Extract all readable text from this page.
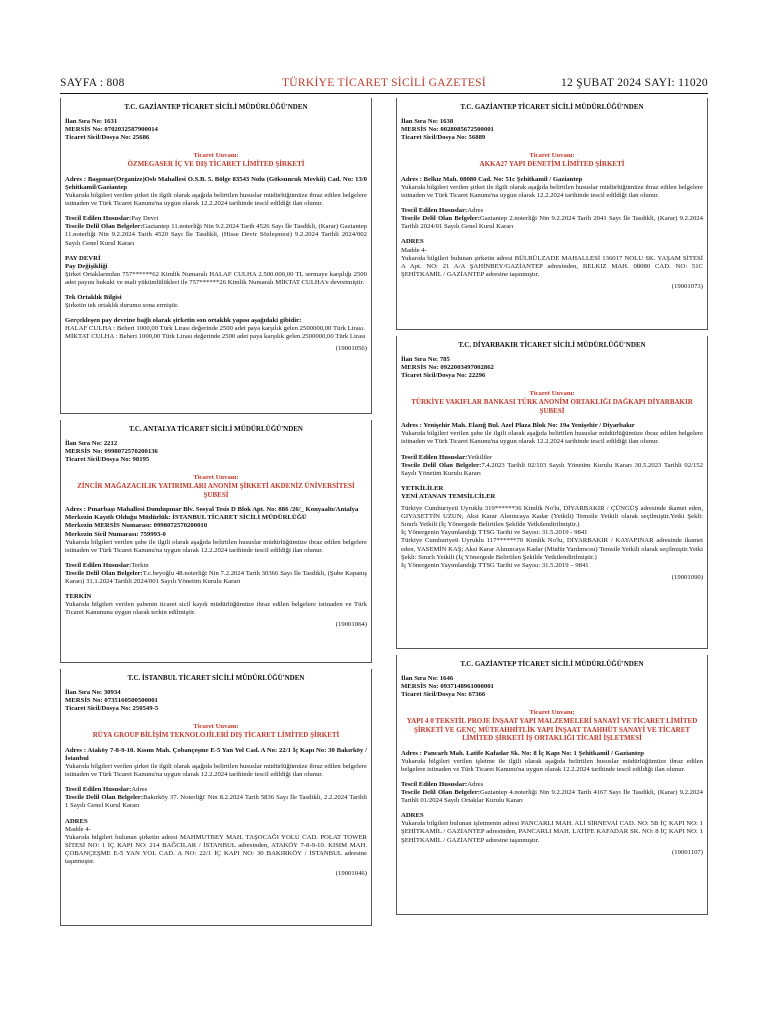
SAYFA : 808	TÜRKİYE TİCARET SİCİLİ GAZETESİ	12 ŞUBAT 2024 SAYI: 11020
T.C. GAZİANTEP TİCARET SİCİLİ MÜDÜRLÜĞÜ'NDEN
İlan Sıra No: 1631
MERSİS No: 0702032587900014
Ticaret Sicil/Dosya No: 25686
Ticaret Unvanı:
ÖZMEGASER İÇ VE DIŞ TİCARET LİMİTED ŞİRKETİ
Adres : Başpınar(Organize)Osb Mahallesi O.S.B. 5. Bölge 83543 Nolu (Göksuncuk Mevkii) Cad. No: 13/0 Şehitkamil/Gaziantep
Yukarıda bilgileri verilen şirket ile ilgili olarak aşağıda belirtilen hususlar müdürlüğümüze ibraz edilen belgelere istinaden ve Türk Ticaret Kanunu'na uygun olarak 12.2.2024 tarihinde tescil edildiği ilan olunur.
Tescil Edilen Hususlar:Pay Devri
Tescile Delil Olan Belgeler:Gaziantep 11.noterliği Nin 9.2.2024 Tarih 4526 Sayı İle Tasdikli, (Karar) Gaziantep 11.noterliği Nin 9.2.2024 Tarih 4520 Sayı İle Tasdikli, (Hisse Devir Sözleşmesi) 9.2.2024 Tarihli 2024/002 Sayılı Genel Kurul Kararı
PAY DEVRİ
Pay Değişikliği
Şirket Ortaklarından 757******62 Kimlik Numaralı HALAF CULHA 2.500.000,00 TL sermaye karşılığı 2500 adet payını hukuki ve mali yükümlülükleri ile 757******26 Kimlik Numaralı MİKTAT CULHA'e devretmiştir.
Tek Ortaklık Bilgisi
Şirketin tek ortaklık durumu sona ermiştir.
Gerçekleşen pay devrine bağlı olarak şirketin son ortaklık yapısı aşağıdaki gibidir:
HALAF CULHA : Beheri 1000,00 Türk Lirası değerinde 2500 adet paya karşılık gelen 2500000,00 Türk Lirası.
MİKTAT CULHA : Beheri 1000,00 Türk Lirası değerinde 2500 adet paya karşılık gelen 2500000,00 Türk Lirası
(19001056)
T.C. ANTALYA TİCARET SİCİLİ MÜDÜRLÜĞÜ'NDEN
İlan Sıra No: 2212
MERSİS No: 0998072570200136
Ticaret Sicil/Dosya No: 98195
Ticaret Unvanı:
ZİNCİR MAĞAZACILIK YATIRIMLARI ANONİM ŞİRKETİ AKDENİZ ÜNİVERSİTESİ ŞUBESİ
Adres : Pınarbaşı Mahallesi Dumlupınar Blv. Sosyal Tesis D Blok Apt. No: 886 /26/_ Konyaaltı/Antalya
Merkezin Kayıtlı Olduğu Müdürlük: İSTANBUL TİCARET SİCİLİ MÜDÜRLÜĞÜ
Merkezin MERSİS Numarası: 0998072570200010
Merkezin Sicil Numarası: 759993-0
Yukarıda bilgileri verilen şube ile ilgili olarak aşağıda belirtilen hususlar müdürlüğümüze ibraz edilen belgelere istinaden ve Türk Ticaret Kanunu'na uygun olarak 12.2.2024 tarihinde tescil edildiği ilan olunur.
Tescil Edilen Hususlar:Terkin
Tescile Delil Olan Belgeler:T.c.beyoğlu 48.noterliği Nin 7.2.2024 Tarih 30366 Sayı İle Tasdikli, (Şube Kapanış Kararı) 31.1.2024 Tarihli 2024/001 Sayılı Yönetim Kurulu Kararı
TERKİN
Yukarıda bilgileri verilen şubenin ticaret sicil kaydı müdürlüğümüze ibraz edilen belgelere istinaden ve Türk Ticaret Kanununa uygun olarak terkin edilmiştir.
(19001064)
T.C. İSTANBUL TİCARET SİCİLİ MÜDÜRLÜĞÜ'NDEN
İlan Sıra No: 30934
MERSİS No: 0735160500500001
Ticaret Sicil/Dosya No: 250549-5
Ticaret Unvanı:
RÜYA GROUP BİLİŞİM TEKNOLOJİLERİ DIŞ TİCARET LİMİTED ŞİRKETİ
Adres : Ataköy 7-8-9-10. Kısım Mah. Çobançeşme E-5 Yan Yol Cad. A No: 22/1 İç Kapı No: 30 Bakırköy / İstanbul
Yukarıda bilgileri verilen şirket ile ilgili olarak aşağıda belirtilen hususlar müdürlüğümüze ibraz edilen belgelere istinaden ve Türk Ticaret Kanunu'na uygun olarak 12.2.2024 tarihinde tescil edildiği ilan olunur.
Tescil Edilen Hususlar:Adres
Tescile Delil Olan Belgeler:Bakırköy 37. Noterliği' Nin 8.2.2024 Tarih 5836 Sayı İle Tasdikli, 2.2.2024 Tarihli 1 Sayılı Genel Kurul Kararı
ADRES
Madde 4-
Yukarıda bilgileri bulunan şirketin adresi MAHMUTBEY MAH. TAŞOCAĞI YOLU CAD. POLAT TOWER SİTESİ NO: 1 İÇ KAPI NO: 214 BAĞCILAR / İSTANBUL adresinden, ATAKÖY 7-8-9-10. KISIM MAH. ÇOBANÇEŞME E-5 YAN YOL CAD. A NO: 22/1 İÇ KAPI NO: 30 BAKIRKÖY / İSTANBUL adresine taşınmıştır.
(19001046)
T.C. GAZİANTEP TİCARET SİCİLİ MÜDÜRLÜĞÜ'NDEN
İlan Sıra No: 1638
MERSİS No: 0028085672500001
Ticaret Sicil/Dosya No: 56889
Ticaret Unvanı:
AKKA27 YAPI DENETİM LİMİTED ŞİRKETİ
Adres : Belkız Mah. 08080 Cad. No: 51c Şehitkamil / Gaziantep
Yukarıda bilgileri verilen şirket ile ilgili olarak aşağıda belirtilen hususlar müdürlüğümüze ibraz edilen belgelere istinaden ve Türk Ticaret Kanunu'na uygun olarak 12.2.2024 tarihinde tescil edildiği ilan olunur.
Tescil Edilen Hususlar:Adres
Tescile Delil Olan Belgeler:Gaziantep 2.noterliği Nin 9.2.2024 Tarih 2041 Sayı İle Tasdikli, (Karar) 9.2.2024 Tarihli 2024/01 Sayılı Genel Kurul Kararı
ADRES
Madde 4-
Yukarıda bilgileri bulunan şirketin adresi BÜLBÜLZADE MAHALLESİ 136017 NOLU SK. YAŞAM SİTESİ A Apt. NO: 21 A/A ŞAHİNBEY/GAZİANTEP adresinden, BELKIZ MAH. 08080 CAD. NO: 51C ŞEHİTKAMİL / GAZİANTEP adresine taşınmıştır.
(19001073)
T.C. DİYARBAKIR TİCARET SİCİLİ MÜDÜRLÜĞÜ'NDEN
İlan Sıra No: 785
MERSİS No: 0922003497002862
Ticaret Sicil/Dosya No: 22296
Ticaret Unvanı:
TÜRKİYE VAKIFLAR BANKASI TÜRK ANONİM ORTAKLIĞI DAĞKAPI DİYARBAKIR ŞUBESİ
Adres : Yenişehir Mah. Elazığ Bul. Azel Plaza Blok No: 19a Yenişehir / Diyarbakır
Yukarıda bilgileri verilen şube ile ilgili olarak aşağıda belirtilen hususlar müdürlüğümüze ibraz edilen belgelere istinaden ve Türk Ticaret Kanunu'na uygun olarak 12.2.2024 tarihinde tescil edildiği ilan olunur.
Tescil Edilen Hususlar:Yetkililer
Tescile Delil Olan Belgeler:7.4.2023 Tarihli 02/103 Sayılı Yönetim Kurulu Kararı 30.5.2023 Tarihli 02/152 Sayılı Yönetim Kurulu Kararı
YETKİLİLER
YENİ ATANAN TEMSİLCİLER
Türkiye Cumhuriyeti Uyruklu 319******36 Kimlik No'lu, DİYARBAKIR / ÇÜNGÜŞ adresinde ikamet eden, GIYASETTİN UZUN; Aksi Karar Alınıncaya Kadar (Yetkili) Temsile Yetkili olarak seçilmiştir.Yetki Şekli: Sınırlı Yetkili (İç Yönergede Belirtilen Şekilde Yetkilendirilmiştir.)
İç Yönergenin Yayımlandığı TTSG Tarihi ve Sayısı: 31.5.2019 - 9841
Türkiye Cumhuriyeti Uyruklu 117******70 Kimlik No'lu, DİYARBAKIR / KAYAPINAR adresinde ikamet eden, YASEMİN KAŞ; Aksi Karar Alınıncaya Kadar (Müdür Yardımcısı) Temsile Yetkili olarak seçilmiştir.Yetki Şekli: Sınırlı Yetkili (İç Yönergede Belirtilen Şekilde Yetkilendirilmiştir.)
İç Yönergenin Yayımlandığı TTSG Tarihi ve Sayısı: 31.5.2019 – 9841
(19001090)
T.C. GAZİANTEP TİCARET SİCİLİ MÜDÜRLÜĞÜ'NDEN
İlan Sıra No: 1646
MERSİS No: 0937148961000001
Ticaret Sicil/Dosya No: 67366
Ticaret Unvanı:
YAPI 4 0 TEKSTİL PROJE İNŞAAT YAPI MALZEMELERİ SANAYİ VE TİCARET LİMİTED ŞİRKETİ VE GENÇ MÜTEAHHİTLİK YAPI İNŞAAT TAAHHÜT SANAYİ VE TİCARET LİMİTED ŞİRKETİ İŞ ORTAKLIĞI TİCARİ İŞLETMESİ
Adres : Pancarlı Mah. Latife Kafadar Sk. No: 8 İç Kapı No: 1 Şehitkamil / Gaziantep
Yukarıda bilgileri verilen işletme ile ilgili olarak aşağıda belirtilen hususlar müdürlüğümüze ibraz edilen belgelere istinaden ve Türk Ticaret Kanunu'na uygun olarak 12.2.2024 tarihinde tescil edildiği ilan olunur.
Tescil Edilen Hususlar:Adres
Tescile Delil Olan Belgeler:Gaziantep 4.noterliği Nin 9.2.2024 Tarih 4167 Sayı İle Tasdikli, (Karar) 9.2.2024 Tarihli 01/2024 Sayılı Ortaklar Kurulu Kararı
ADRES
Yukarıda bilgileri bulunan işletmenin adresi PANCARLI MAH. ALİ SİRNEVAİ CAD. NO: 5B İÇ KAPI NO: 1 ŞEHİTKAMİL / GAZİANTEP adresinden, PANCARLI MAH. LATİFE KAFADAR SK. NO: 8 İÇ KAPI NO: 1 ŞEHİTKAMİL / GAZİANTEP adresine taşınmıştır.
(19001107)
